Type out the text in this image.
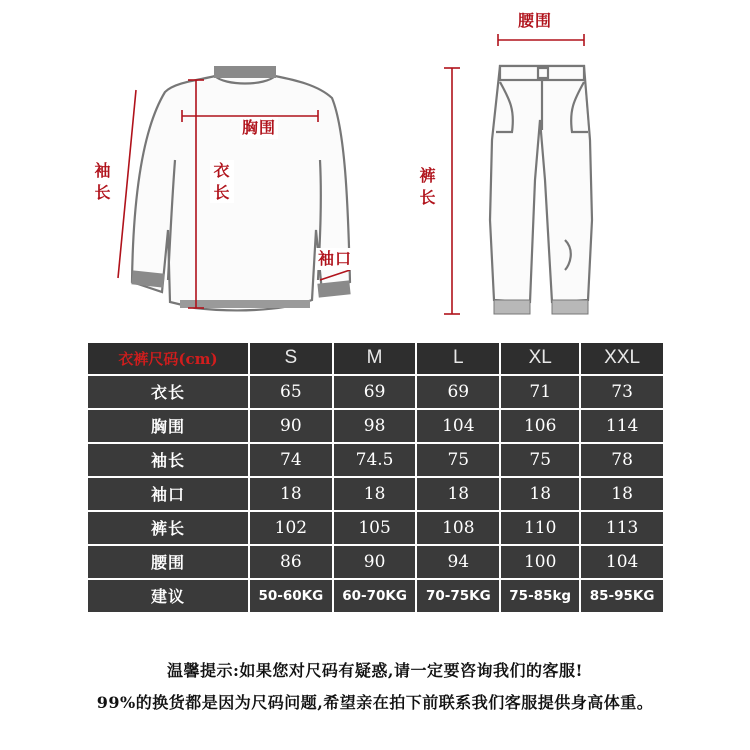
袖长
胸围
衣长
袖口
腰围
裤长
衣裤尺码(cm)	S	M	L	XL	XXL
衣长	65	69	69	71	73
胸围	90	98	104	106	114
袖长	74	74.5	75	75	78
袖口	18	18	18	18	18
裤长	102	105	108	110	113
腰围	86	90	94	100	104
建议	50-60KG	60-70KG	70-75KG	75-85kg	85-95KG
温馨提示:如果您对尺码有疑惑,请一定要咨询我们的客服!
99%的换货都是因为尺码问题,希望亲在拍下前联系我们客服提供身高体重。
